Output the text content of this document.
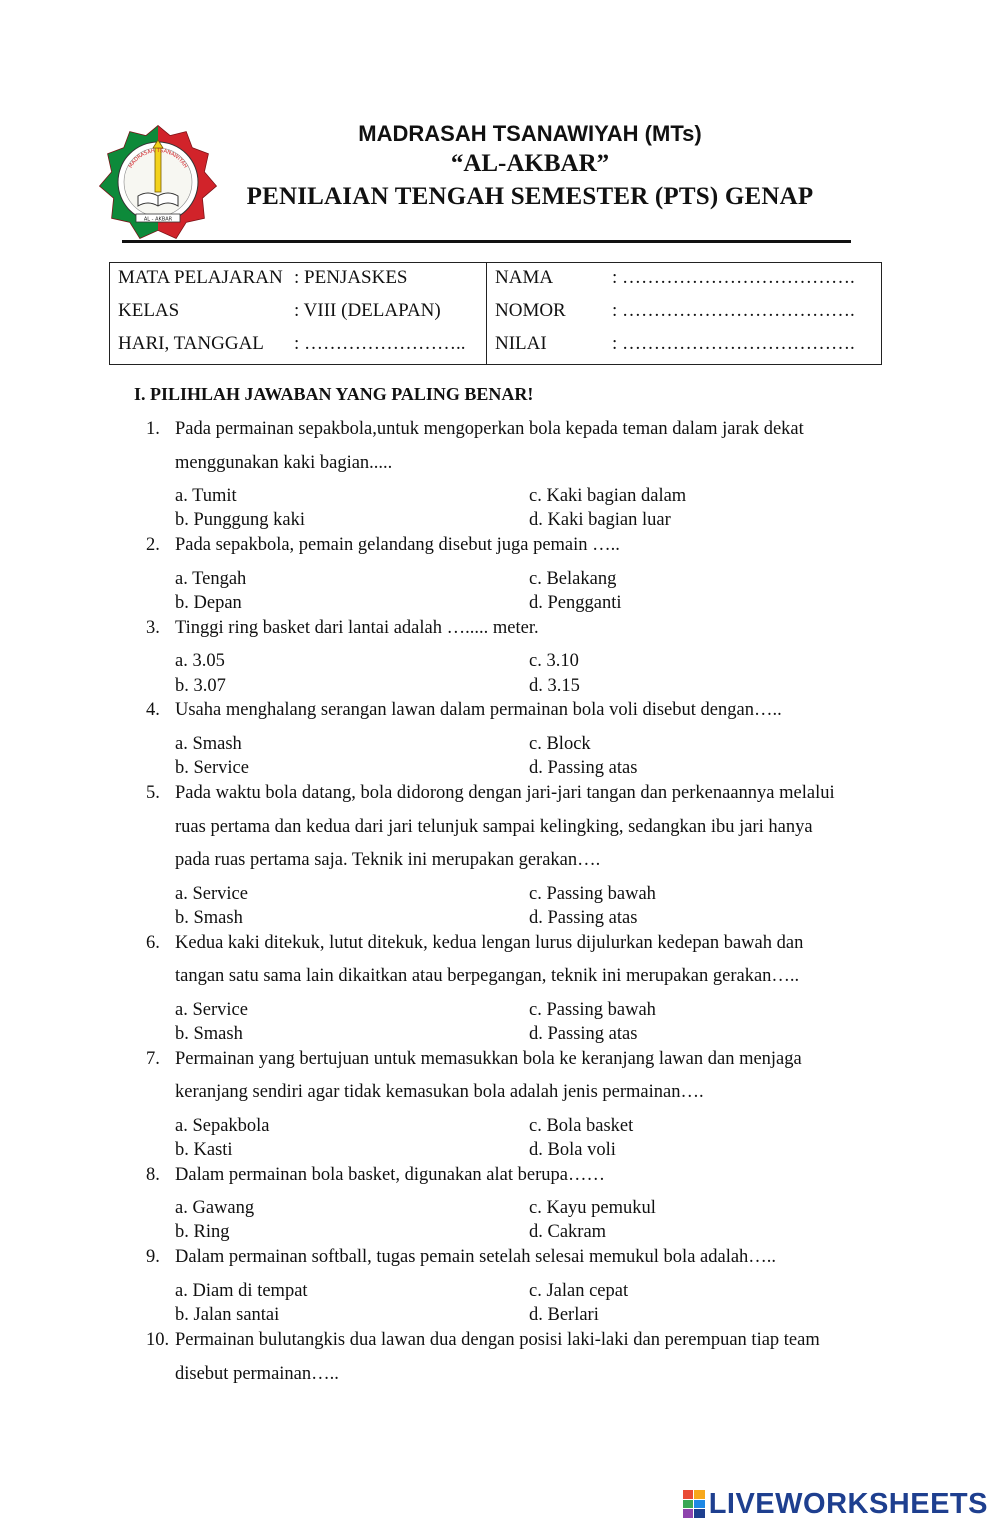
AL - AKBAR
MADRASAH TSANAWIYAH
MADRASAH TSANAWIYAH (MTs)
“AL-AKBAR”
PENILAIAN TENGAH SEMESTER (PTS) GENAP
MATA PELAJARAN : PENJASKES
KELAS	: VIII (DELAPAN)
HARI, TANGGAL : ……………………..
NAMA	: ……………………………….
NOMOR : ……………………………….
NILAI	: ……………………………….
I. PILIHLAH JAWABAN YANG PALING BENAR!
1. Pada permainan sepakbola,untuk mengoperkan bola kepada teman dalam jarak dekat
menggunakan kaki bagian.....
a. Tumit
b. Punggung kaki
c. Kaki bagian dalam
d. Kaki bagian luar
2. Pada sepakbola, pemain gelandang disebut juga pemain …..
a. Tengah
b. Depan
c. Belakang
d. Pengganti
3. Tinggi ring basket dari lantai adalah …..... meter.
a. 3.05
b. 3.07
c. 3.10
d. 3.15
4. Usaha menghalang serangan lawan dalam permainan bola voli disebut dengan…..
a. Smash
b. Service
c. Block
d. Passing atas
5. Pada waktu bola datang, bola didorong dengan jari-jari tangan dan perkenaannya melalui
ruas pertama dan kedua dari jari telunjuk sampai kelingking, sedangkan ibu jari hanya
pada ruas pertama saja. Teknik ini merupakan gerakan….
a. Service
b. Smash
c. Passing bawah
d. Passing atas
6. Kedua kaki ditekuk, lutut ditekuk, kedua lengan lurus dijulurkan kedepan bawah dan
tangan satu sama lain dikaitkan atau berpegangan, teknik ini merupakan gerakan…..
a. Service
b. Smash
c. Passing bawah
d. Passing atas
7. Permainan yang bertujuan untuk memasukkan bola ke keranjang lawan dan menjaga
keranjang sendiri agar tidak kemasukan bola adalah jenis permainan….
a. Sepakbola
b. Kasti
c. Bola basket
d. Bola voli
8. Dalam permainan bola basket, digunakan alat berupa……
a. Gawang
b. Ring
c. Kayu pemukul
d. Cakram
9. Dalam permainan softball, tugas pemain setelah selesai memukul bola adalah…..
a. Diam di tempat
b. Jalan santai
c. Jalan cepat
d. Berlari
10. Permainan bulutangkis dua lawan dua dengan posisi laki-laki dan perempuan tiap team
disebut permainan…..
LIVEWORKSHEETS
